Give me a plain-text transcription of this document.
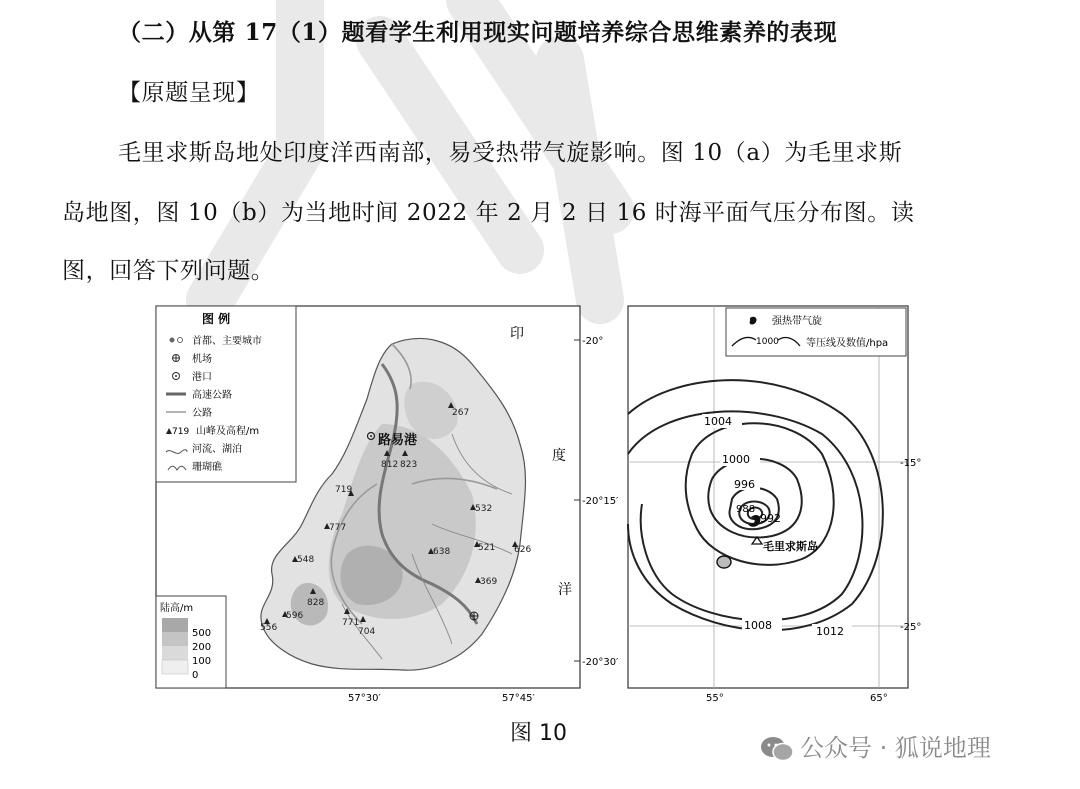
（二）从第 17（1）题看学生利用现实问题培养综合思维素养的表现
【原题呈现】
毛里求斯岛地处印度洋西南部，易受热带气旋影响。图 10（a）为毛里求斯
岛地图，图 10（b）为当地时间 2022 年 2 月 2 日 16 时海平面气压分布图。读
图，回答下列问题。
路易港
267
812 823
719
532
777
638	521 626
548
369
828
596
556	771
704
印
度
洋
-20°
-20°15′
-20°30′
57°30′	57°45′
图 例
首都、主要城市
机场
港口
高速公路
公路
719 山峰及高程/m
河流、湖泊
珊瑚礁
陆高/m
500
200
100
0
强热带气旋
1000	等压线及数值/hpa
1004
1000
996
988
992
1008	1012
毛里求斯岛
-15°
-25°
55°	65°
图 10
公众号 · 狐说地理
